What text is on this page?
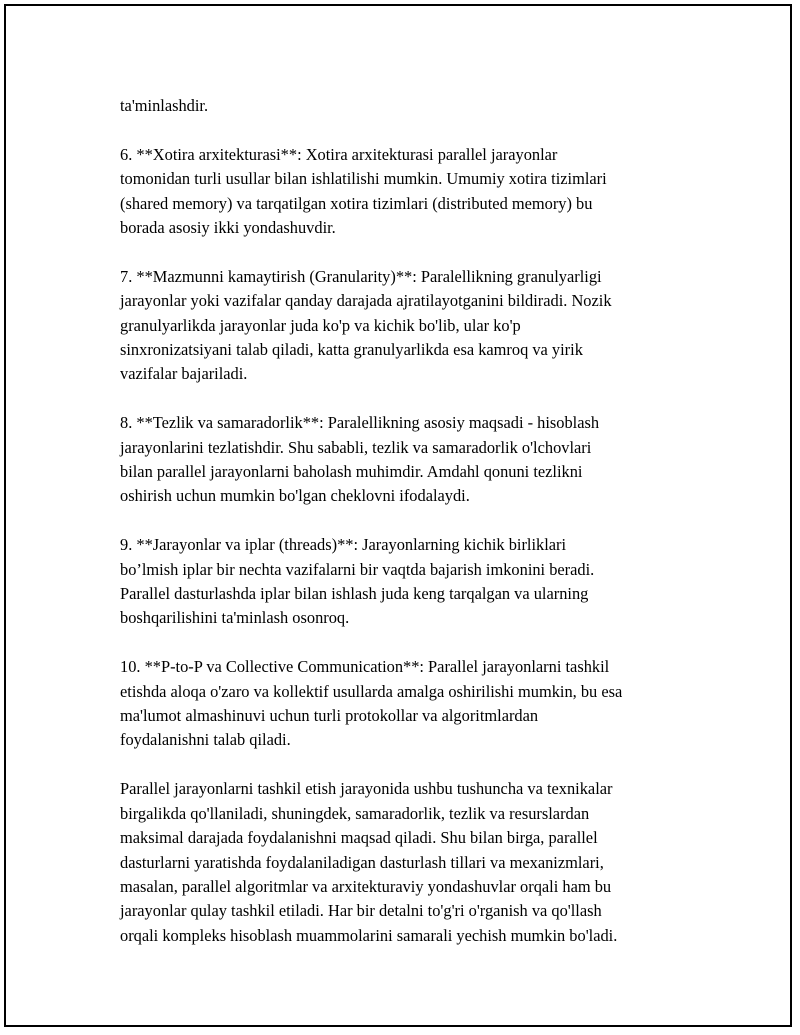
ta'minlashdir.

6. **Xotira arxitekturasi**: Xotira arxitekturasi parallel jarayonlar
tomonidan turli usullar bilan ishlatilishi mumkin. Umumiy xotira tizimlari
(shared memory) va tarqatilgan xotira tizimlari (distributed memory) bu
borada asosiy ikki yondashuvdir.

7. **Mazmunni kamaytirish (Granularity)**: Paralellikning granulyarligi
jarayonlar yoki vazifalar qanday darajada ajratilayotganini bildiradi. Nozik
granulyarlikda jarayonlar juda ko'p va kichik bo'lib, ular ko'p
sinxronizatsiyani talab qiladi, katta granulyarlikda esa kamroq va yirik
vazifalar bajariladi.

8. **Tezlik va samaradorlik**: Paralellikning asosiy maqsadi - hisoblash
jarayonlarini tezlatishdir. Shu sababli, tezlik va samaradorlik o'lchovlari
bilan parallel jarayonlarni baholash muhimdir. Amdahl qonuni tezlikni
oshirish uchun mumkin bo'lgan cheklovni ifodalaydi.

9. **Jarayonlar va iplar (threads)**: Jarayonlarning kichik birliklari
bo’lmish iplar bir nechta vazifalarni bir vaqtda bajarish imkonini beradi.
Parallel dasturlashda iplar bilan ishlash juda keng tarqalgan va ularning
boshqarilishini ta'minlash osonroq.

10. **P-to-P va Collective Communication**: Parallel jarayonlarni tashkil
etishda aloqa o'zaro va kollektif usullarda amalga oshirilishi mumkin, bu esa
ma'lumot almashinuvi uchun turli protokollar va algoritmlardan
foydalanishni talab qiladi.

Parallel jarayonlarni tashkil etish jarayonida ushbu tushuncha va texnikalar
birgalikda qo'llaniladi, shuningdek, samaradorlik, tezlik va resurslardan
maksimal darajada foydalanishni maqsad qiladi. Shu bilan birga, parallel
dasturlarni yaratishda foydalaniladigan dasturlash tillari va mexanizmlari,
masalan, parallel algoritmlar va arxitekturaviy yondashuvlar orqali ham bu
jarayonlar qulay tashkil etiladi. Har bir detalni to'g'ri o'rganish va qo'llash
orqali kompleks hisoblash muammolarini samarali yechish mumkin bo'ladi.
